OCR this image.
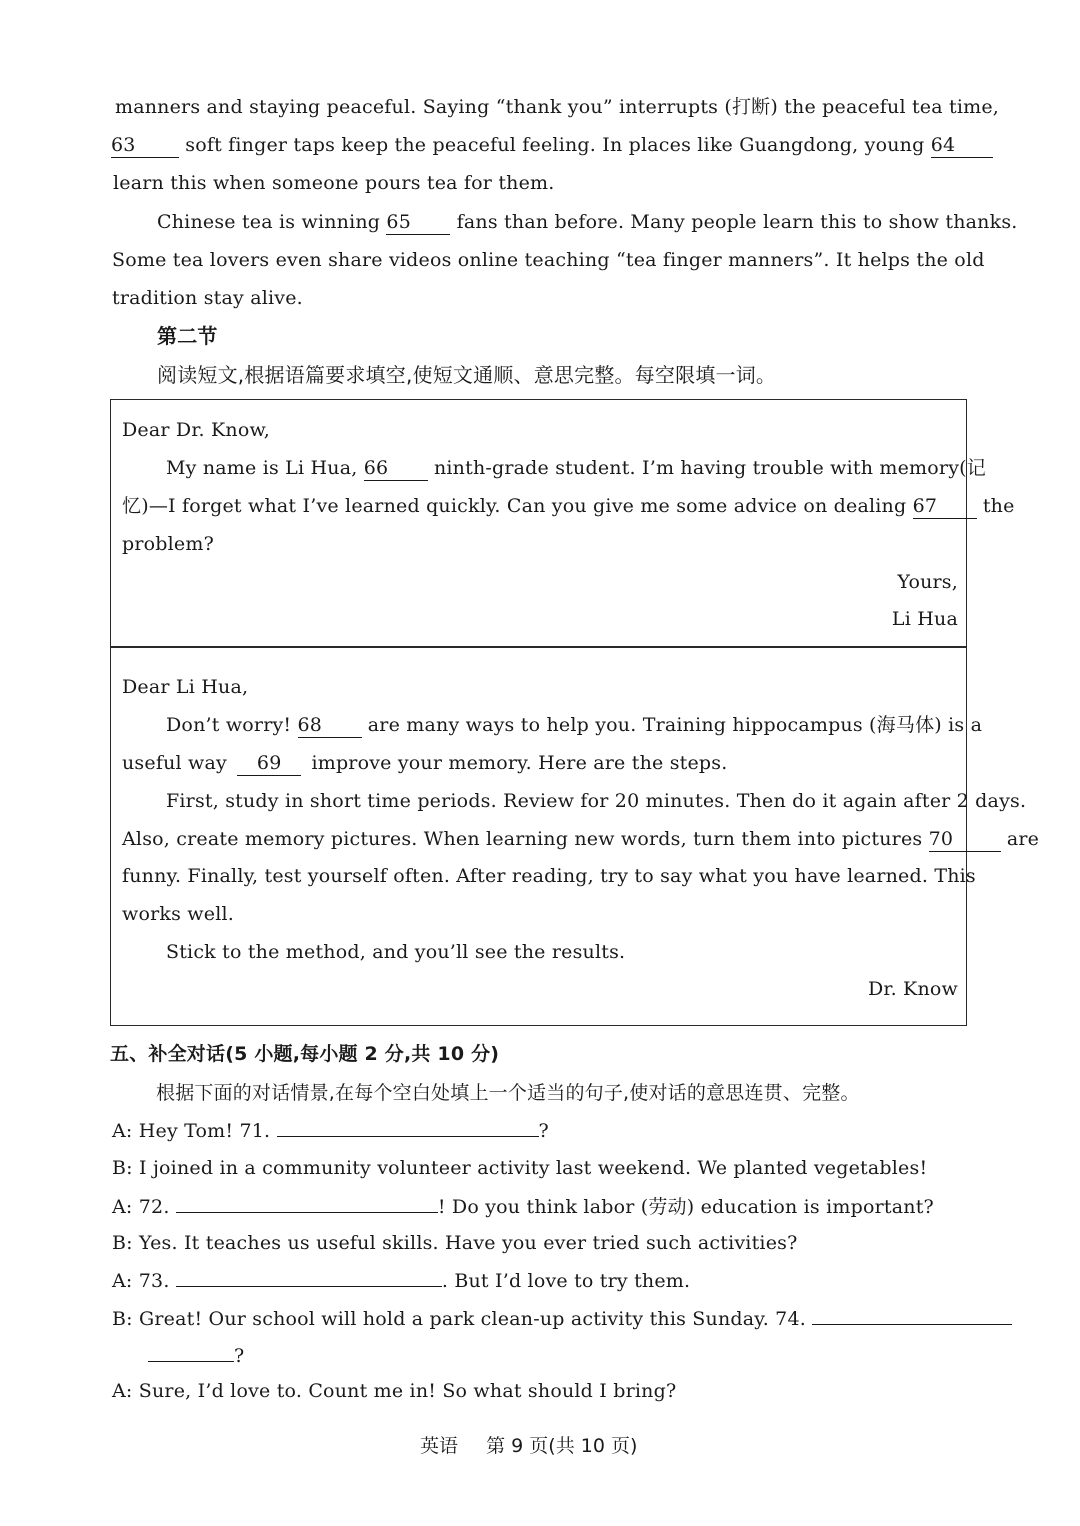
manners and staying peaceful. Saying “thank you” interrupts (打断) the peaceful tea time,
63	soft finger taps keep the peaceful feeling. In places like Guangdong, young 64
learn this when someone pours tea for them.
Chinese tea is winning 65 fans than before. Many people learn this to show thanks.
Some tea lovers even share videos online teaching “tea finger manners”. It helps the old
tradition stay alive.
第二节
阅读短文,根据语篇要求填空,使短文通顺、意思完整。每空限填一词。
Dear Dr. Know,
My name is Li Hua, 66 ninth-grade student. I’m having trouble with memory(记
忆)—I forget what I’ve learned quickly. Can you give me some advice on dealing 67 the
problem?
Yours,
Li Hua
Dear Li Hua,
Don’t worry! 68 are many ways to help you. Training hippocampus (海马体) is a
useful way 69 improve your memory. Here are the steps.
First, study in short time periods. Review for 20 minutes. Then do it again after 2 days.
Also, create memory pictures. When learning new words, turn them into pictures 70	are
funny. Finally, test yourself often. After reading, try to say what you have learned. This
works well.
Stick to the method, and you’ll see the results.
Dr. Know
五、补全对话(5 小题,每小题 2 分,共 10 分)
根据下面的对话情景,在每个空白处填上一个适当的句子,使对话的意思连贯、完整。
A: Hey Tom! 71.	?
B: I joined in a community volunteer activity last weekend. We planted vegetables!
A: 72.	! Do you think labor (劳动) education is important?
B: Yes. It teaches us useful skills. Have you ever tried such activities?
A: 73.	. But I’d love to try them.
B: Great! Our school will hold a park clean-up activity this Sunday. 74.
?
A: Sure, I’d love to. Count me in! So what should I bring?
英语 第 9 页(共 10 页)
